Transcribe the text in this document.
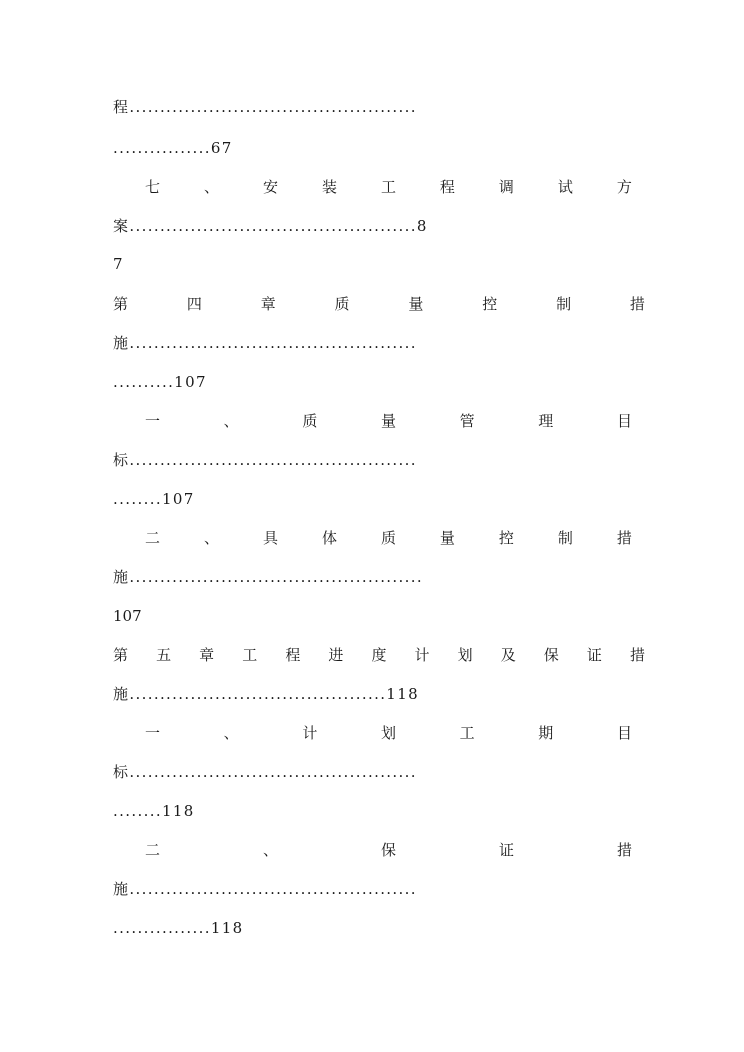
程...............................................
................67
七	、	安	装	工	程	调	试	方
案...............................................8
7
第	四	章	质	量	控	制	措
施...............................................
..........107
一	、	质	量	管	理	目
标...............................................
........107
二	、	具	体	质	量	控	制	措
施................................................
107
第 五 章 工 程 进 度 计 划 及 保 证 措
施..........................................118
一	、	计	划	工	期	目
标...............................................
........118
二	、	保	证	措
施...............................................
................118
